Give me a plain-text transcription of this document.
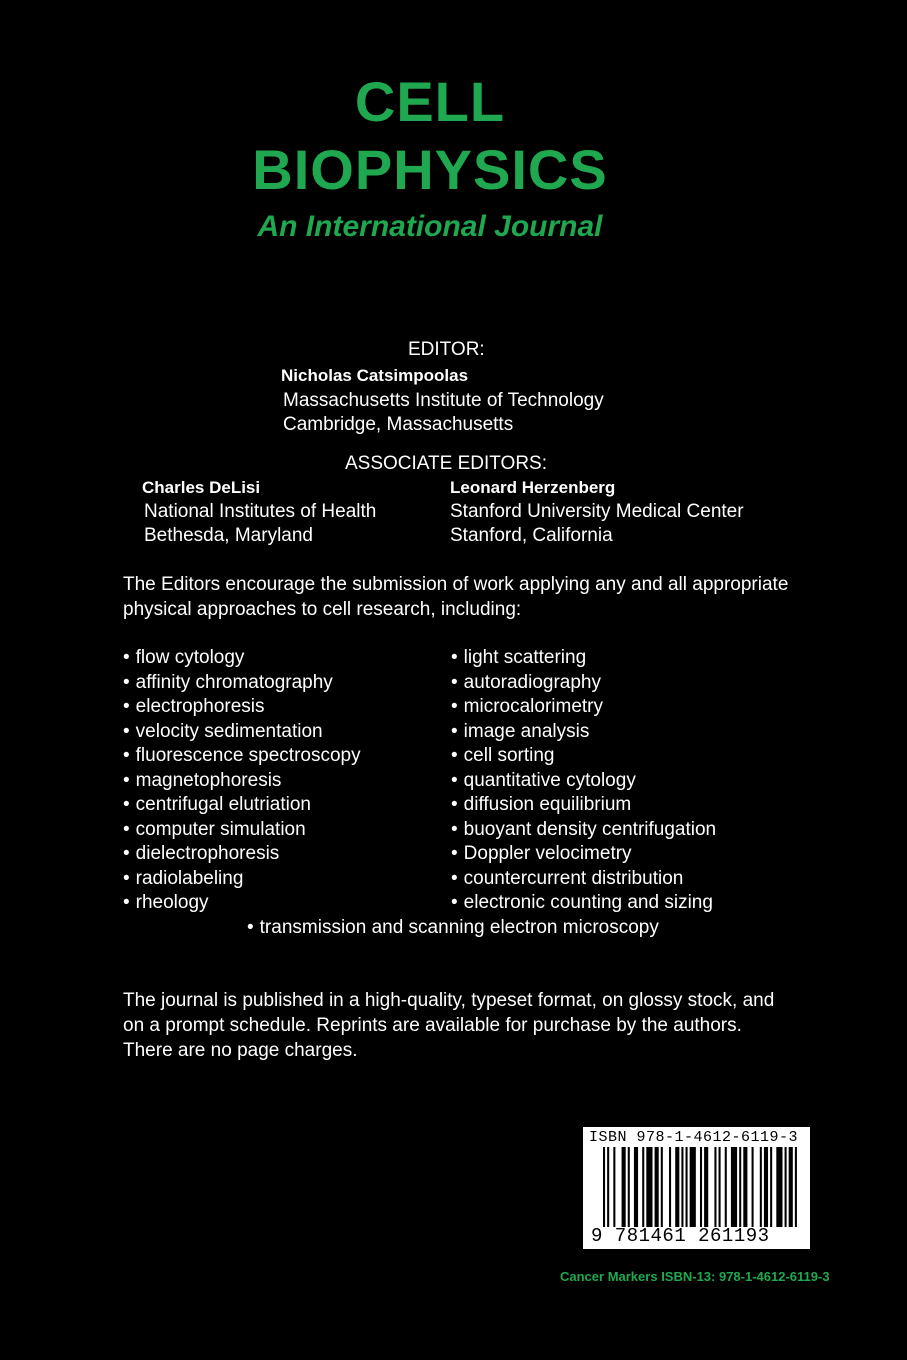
CELL
BIOPHYSICS
An International Journal
EDITOR:
Nicholas Catsimpoolas
Massachusetts Institute of Technology
Cambridge, Massachusetts
ASSOCIATE EDITORS:
Charles DeLisi
National Institutes of Health
Bethesda, Maryland
Leonard Herzenberg
Stanford University Medical Center
Stanford, California
The Editors encourage the submission of work applying any and all appropriate physical approaches to cell research, including:
• flow cytology
• affinity chromatography
• electrophoresis
• velocity sedimentation
• fluorescence spectroscopy
• magnetophoresis
• centrifugal elutriation
• computer simulation
• dielectrophoresis
• radiolabeling
• rheology
• light scattering
• autoradiography
• microcalorimetry
• image analysis
• cell sorting
• quantitative cytology
• diffusion equilibrium
• buoyant density centrifugation
• Doppler velocimetry
• countercurrent distribution
• electronic counting and sizing
• transmission and scanning electron microscopy
The journal is published in a high-quality, typeset format, on glossy stock, and on a prompt schedule. Reprints are available for purchase by the authors. There are no page charges.
ISBN 978-1-4612-6119-3
9 781461 261193
Cancer Markers ISBN-13: 978-1-4612-6119-3
